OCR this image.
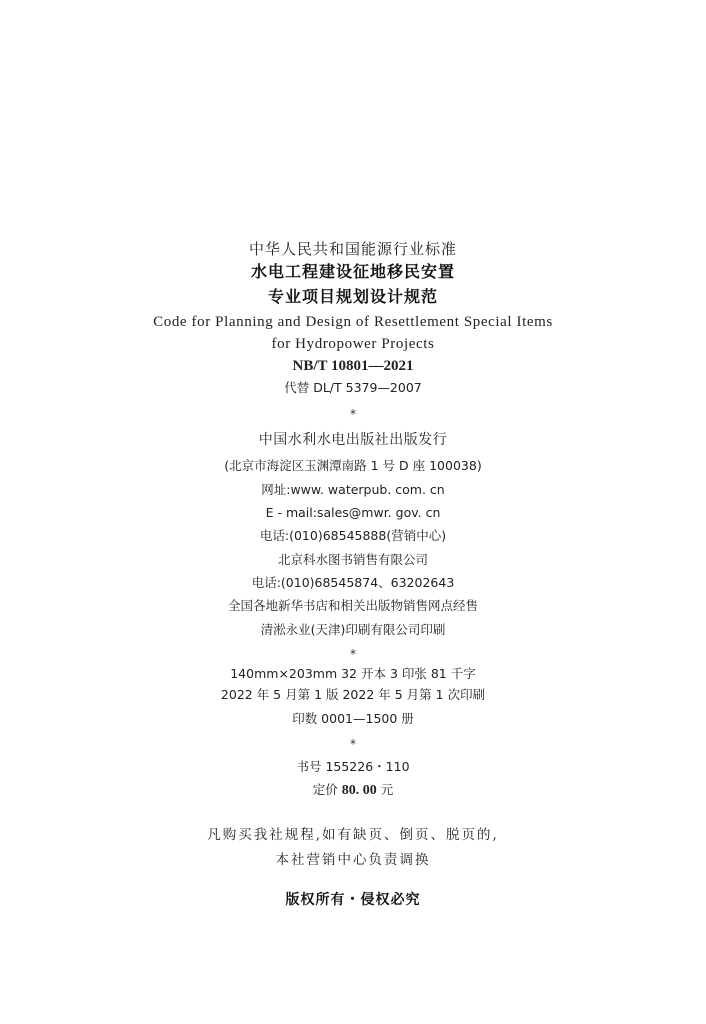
中华人民共和国能源行业标准
水电工程建设征地移民安置
专业项目规划设计规范
Code for Planning and Design of Resettlement Special Items
for Hydropower Projects
NB/T 10801—2021
代替 DL/T 5379—2007
*
中国水利水电出版社出版发行
(北京市海淀区玉渊潭南路 1 号 D 座 100038)
网址:www. waterpub. com. cn
E - mail:sales@mwr. gov. cn
电话:(010)68545888(营销中心)
北京科水图书销售有限公司
电话:(010)68545874、63202643
全国各地新华书店和相关出版物销售网点经售
清淞永业(天津)印刷有限公司印刷
*
140mm×203mm 32 开本 3 印张 81 千字
2022 年 5 月第 1 版 2022 年 5 月第 1 次印刷
印数 0001—1500 册
*
书号 155226・110
定价 80. 00 元
凡购买我社规程,如有缺页、倒页、脱页的,
本社营销中心负责调换
版权所有・侵权必究
